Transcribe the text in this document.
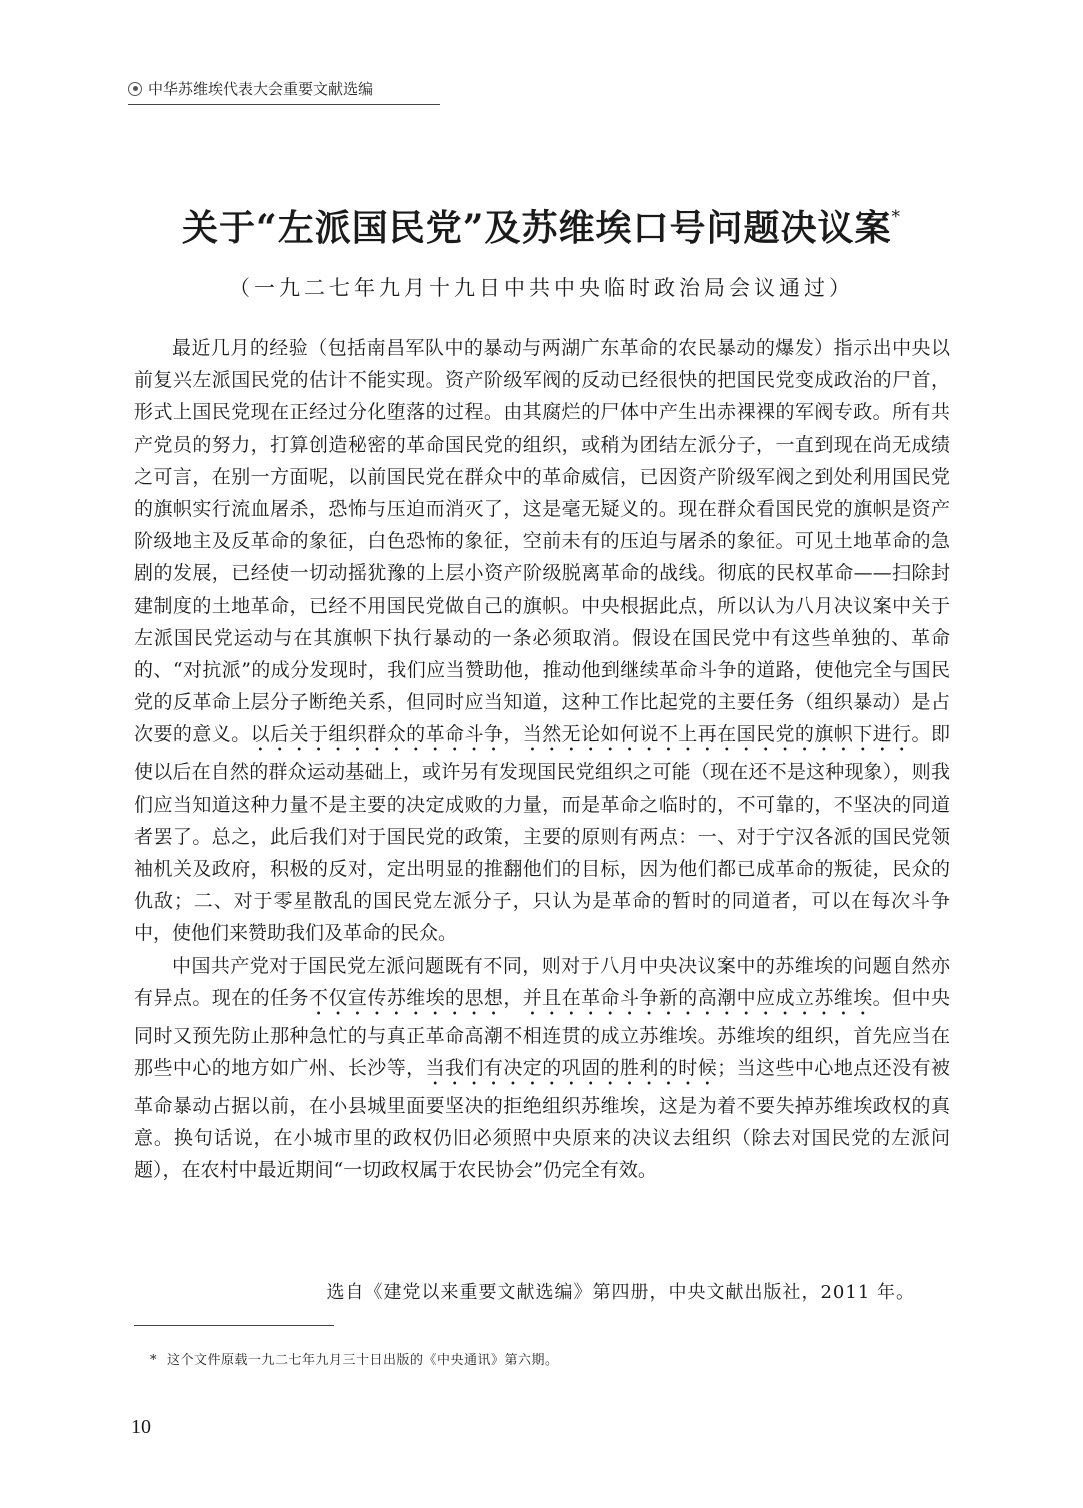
中华苏维埃代表大会重要文献选编
关于“左派国民党”及苏维埃口号问题决议案*
（一九二七年九月十九日中共中央临时政治局会议通过）

最近几月的经验（包括南昌军队中的暴动与两湖广东革命的农民暴动的爆发）指示出中央以前复兴左派国民党的估计不能实现。资产阶级军阀的反动已经很快的把国民党变成政治的尸首，形式上国民党现在正经过分化堕落的过程。由其腐烂的尸体中产生出赤裸裸的军阀专政。所有共产党员的努力，打算创造秘密的革命国民党的组织，或稍为团结左派分子，一直到现在尚无成绩之可言，在别一方面呢，以前国民党在群众中的革命威信，已因资产阶级军阀之到处利用国民党的旗帜实行流血屠杀，恐怖与压迫而消灭了，这是毫无疑义的。现在群众看国民党的旗帜是资产阶级地主及反革命的象征，白色恐怖的象征，空前未有的压迫与屠杀的象征。可见土地革命的急剧的发展，已经使一切动摇犹豫的上层小资产阶级脱离革命的战线。彻底的民权革命——扫除封建制度的土地革命，已经不用国民党做自己的旗帜。中央根据此点，所以认为八月决议案中关于左派国民党运动与在其旗帜下执行暴动的一条必须取消。假设在国民党中有这些单独的、革命的、“对抗派”的成分发现时，我们应当赞助他，推动他到继续革命斗争的道路，使他完全与国民党的反革命上层分子断绝关系，但同时应当知道，这种工作比起党的主要任务（组织暴动）是占次要的意义。以后关于组织群众的革命斗争，当然无论如何说不上再在国民党的旗帜下进行。即使以后在自然的群众运动基础上，或许另有发现国民党组织之可能（现在还不是这种现象），则我们应当知道这种力量不是主要的决定成败的力量，而是革命之临时的，不可靠的，不坚决的同道者罢了。总之，此后我们对于国民党的政策，主要的原则有两点：一、对于宁汉各派的国民党领袖机关及政府，积极的反对，定出明显的推翻他们的目标，因为他们都已成革命的叛徒，民众的仇敌；二、对于零星散乱的国民党左派分子，只认为是革命的暂时的同道者，可以在每次斗争中，使他们来赞助我们及革命的民众。

中国共产党对于国民党左派问题既有不同，则对于八月中央决议案中的苏维埃的问题自然亦有异点。现在的任务不仅宣传苏维埃的思想，并且在革命斗争新的高潮中应成立苏维埃。但中央同时又预先防止那种急忙的与真正革命高潮不相连贯的成立苏维埃。苏维埃的组织，首先应当在那些中心的地方如广州、长沙等，当我们有决定的巩固的胜利的时候；当这些中心地点还没有被革命暴动占据以前，在小县城里面要坚决的拒绝组织苏维埃，这是为着不要失掉苏维埃政权的真意。换句话说，在小城市里的政权仍旧必须照中央原来的决议去组织（除去对国民党的左派问题），在农村中最近期间“一切政权属于农民协会”仍完全有效。

选自《建党以来重要文献选编》第四册，中央文献出版社，2011 年。
* 这个文件原载一九二七年九月三十日出版的《中央通讯》第六期。
10
